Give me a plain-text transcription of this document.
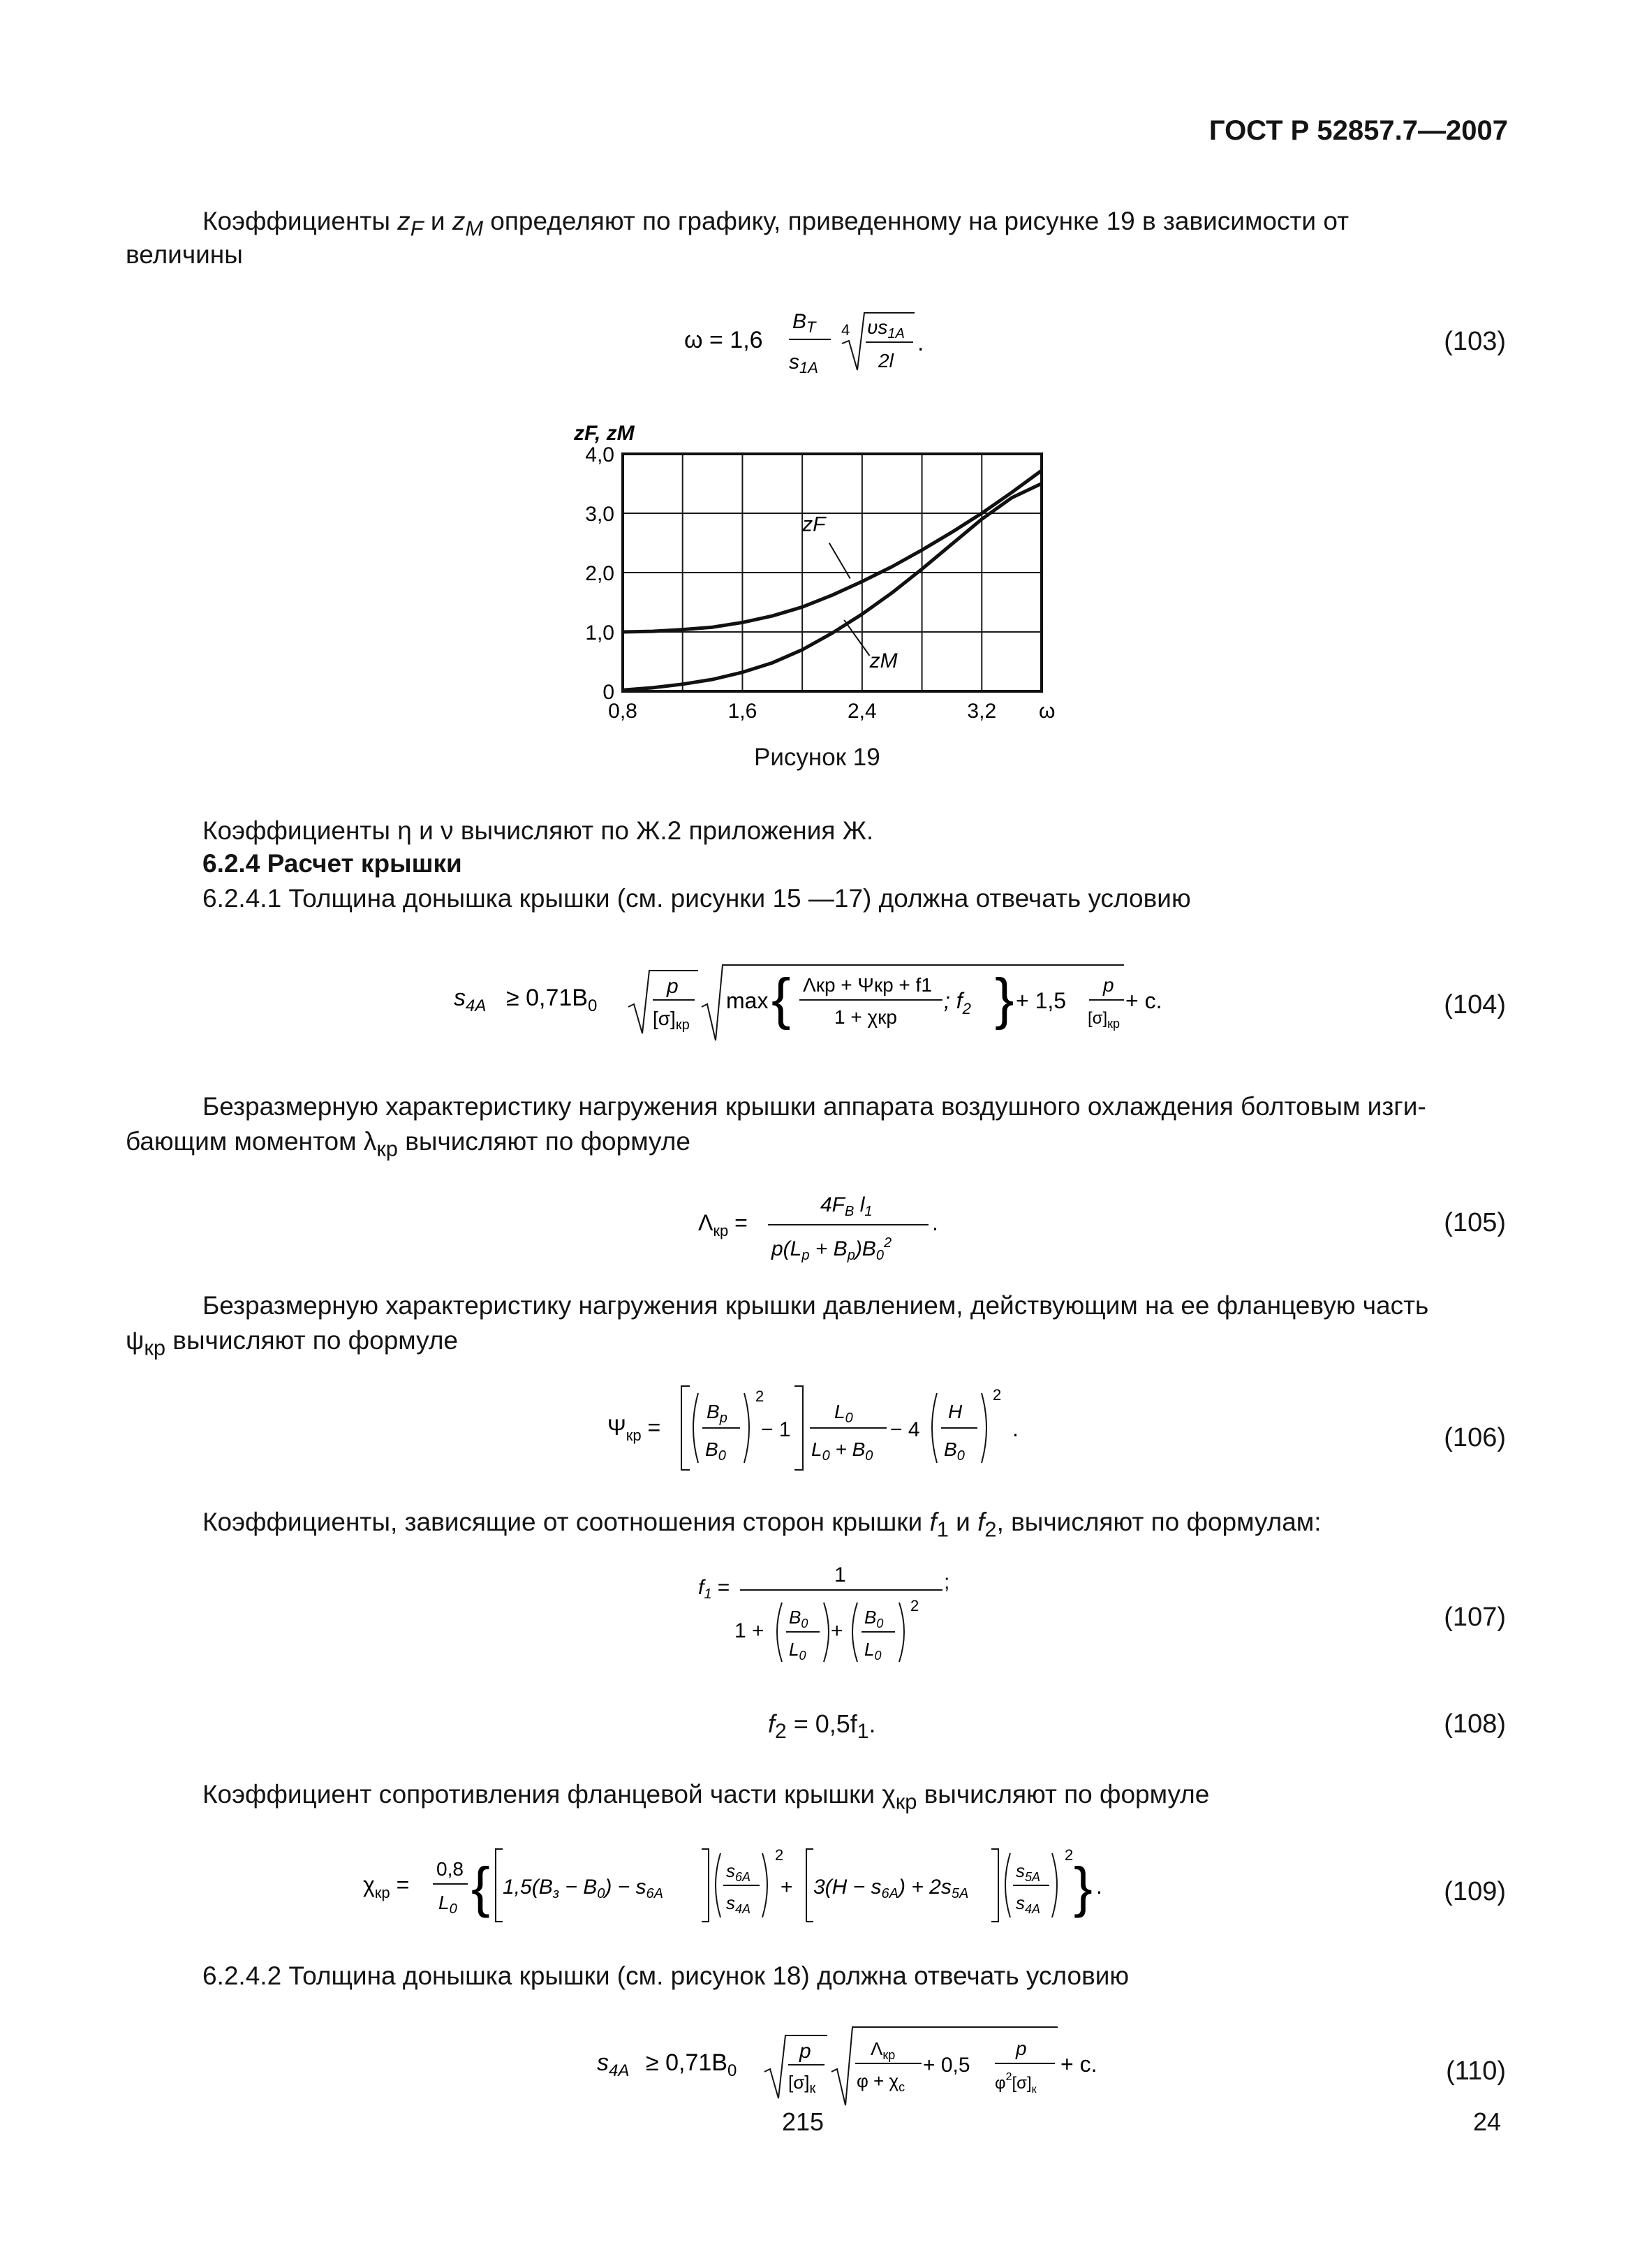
ГОСТ Р 52857.7—2007
Коэффициенты $z_F$ и $z_M$ определяют по графику, приведенному на рисунке 19 в зависимости от
величины
ω = 1,6
$B_T$
$s_{1A}$
4 $\upsilon s_{1A}$
2l
.	(103)
0
1,0
2,0
3,0
4,0
0,8	1,6	2,4	3,2 ω
zF, zM
zF
zM
Рисунок 19
Коэффициенты η и ν вычисляют по Ж.2 приложения Ж.
6.2.4 Расчет крышки
6.2.4.1 Толщина донышка крышки (см. рисунки 15 —17) должна отвечать условию
$s_{4A} \ge 0,71B_0$
p
$[\sigma]_{кр}$
max { Λкр + Ψкр + f1
1 + χкр
; $f_2$ } + 1,5
p
$[\sigma]_{кр}$
+ c.	(104)
Безразмерную характеристику нагружения крышки аппарата воздушного охлаждения болтовым изги-
бающим моментом $\lambda_{кр}$ вычисляют по формуле
$\Lambda_{кр}$ =
$4F_B$ $l_1$
$p(L_p + B_p)B_0^2$
.	(105)
Безразмерную характеристику нагружения крышки давлением, действующим на ее фланцевую часть
$\psi_{кр}$ вычисляют по формуле
$\Psi_{кр}$ =
$B_p$
$B_0$
2
− 1
$L_0$
$L_0 + B_0$
− 4
H
$B_0$
2
.	(106)
Коэффициенты, зависящие от соотношения сторон крышки $f_1$ и $f_2$, вычисляют по формулам:
$f_1$ =
1	;
1 +
$B_0$
$L_0$
+
$B_0$
$L_0$
2	(107)
$f_2 = 0,5f_1$.	(108)
Коэффициент сопротивления фланцевой части крышки $\chi_{кр}$ вычисляют по формуле
$\chi_{кр}$ =
0,8
$L_0$ { $1,5(B_з - B_0) - s_{6A}$
$s_{6A}$
$s_{4A}$
2
+ $3(H - s_{6A}) + 2s_{5A}$
$s_{5A}$
$s_{4A}$
2
} .	(109)
6.2.4.2 Толщина донышка крышки (см. рисунок 18) должна отвечать условию
$s_{4A} \ge 0,71B_0$
p
$[\sigma]_к$
$\Lambda_{кр}$
$\varphi + \chi_c$
+ 0,5
p
$\varphi^2[\sigma]_к$
+ c.	(110)
215	24
